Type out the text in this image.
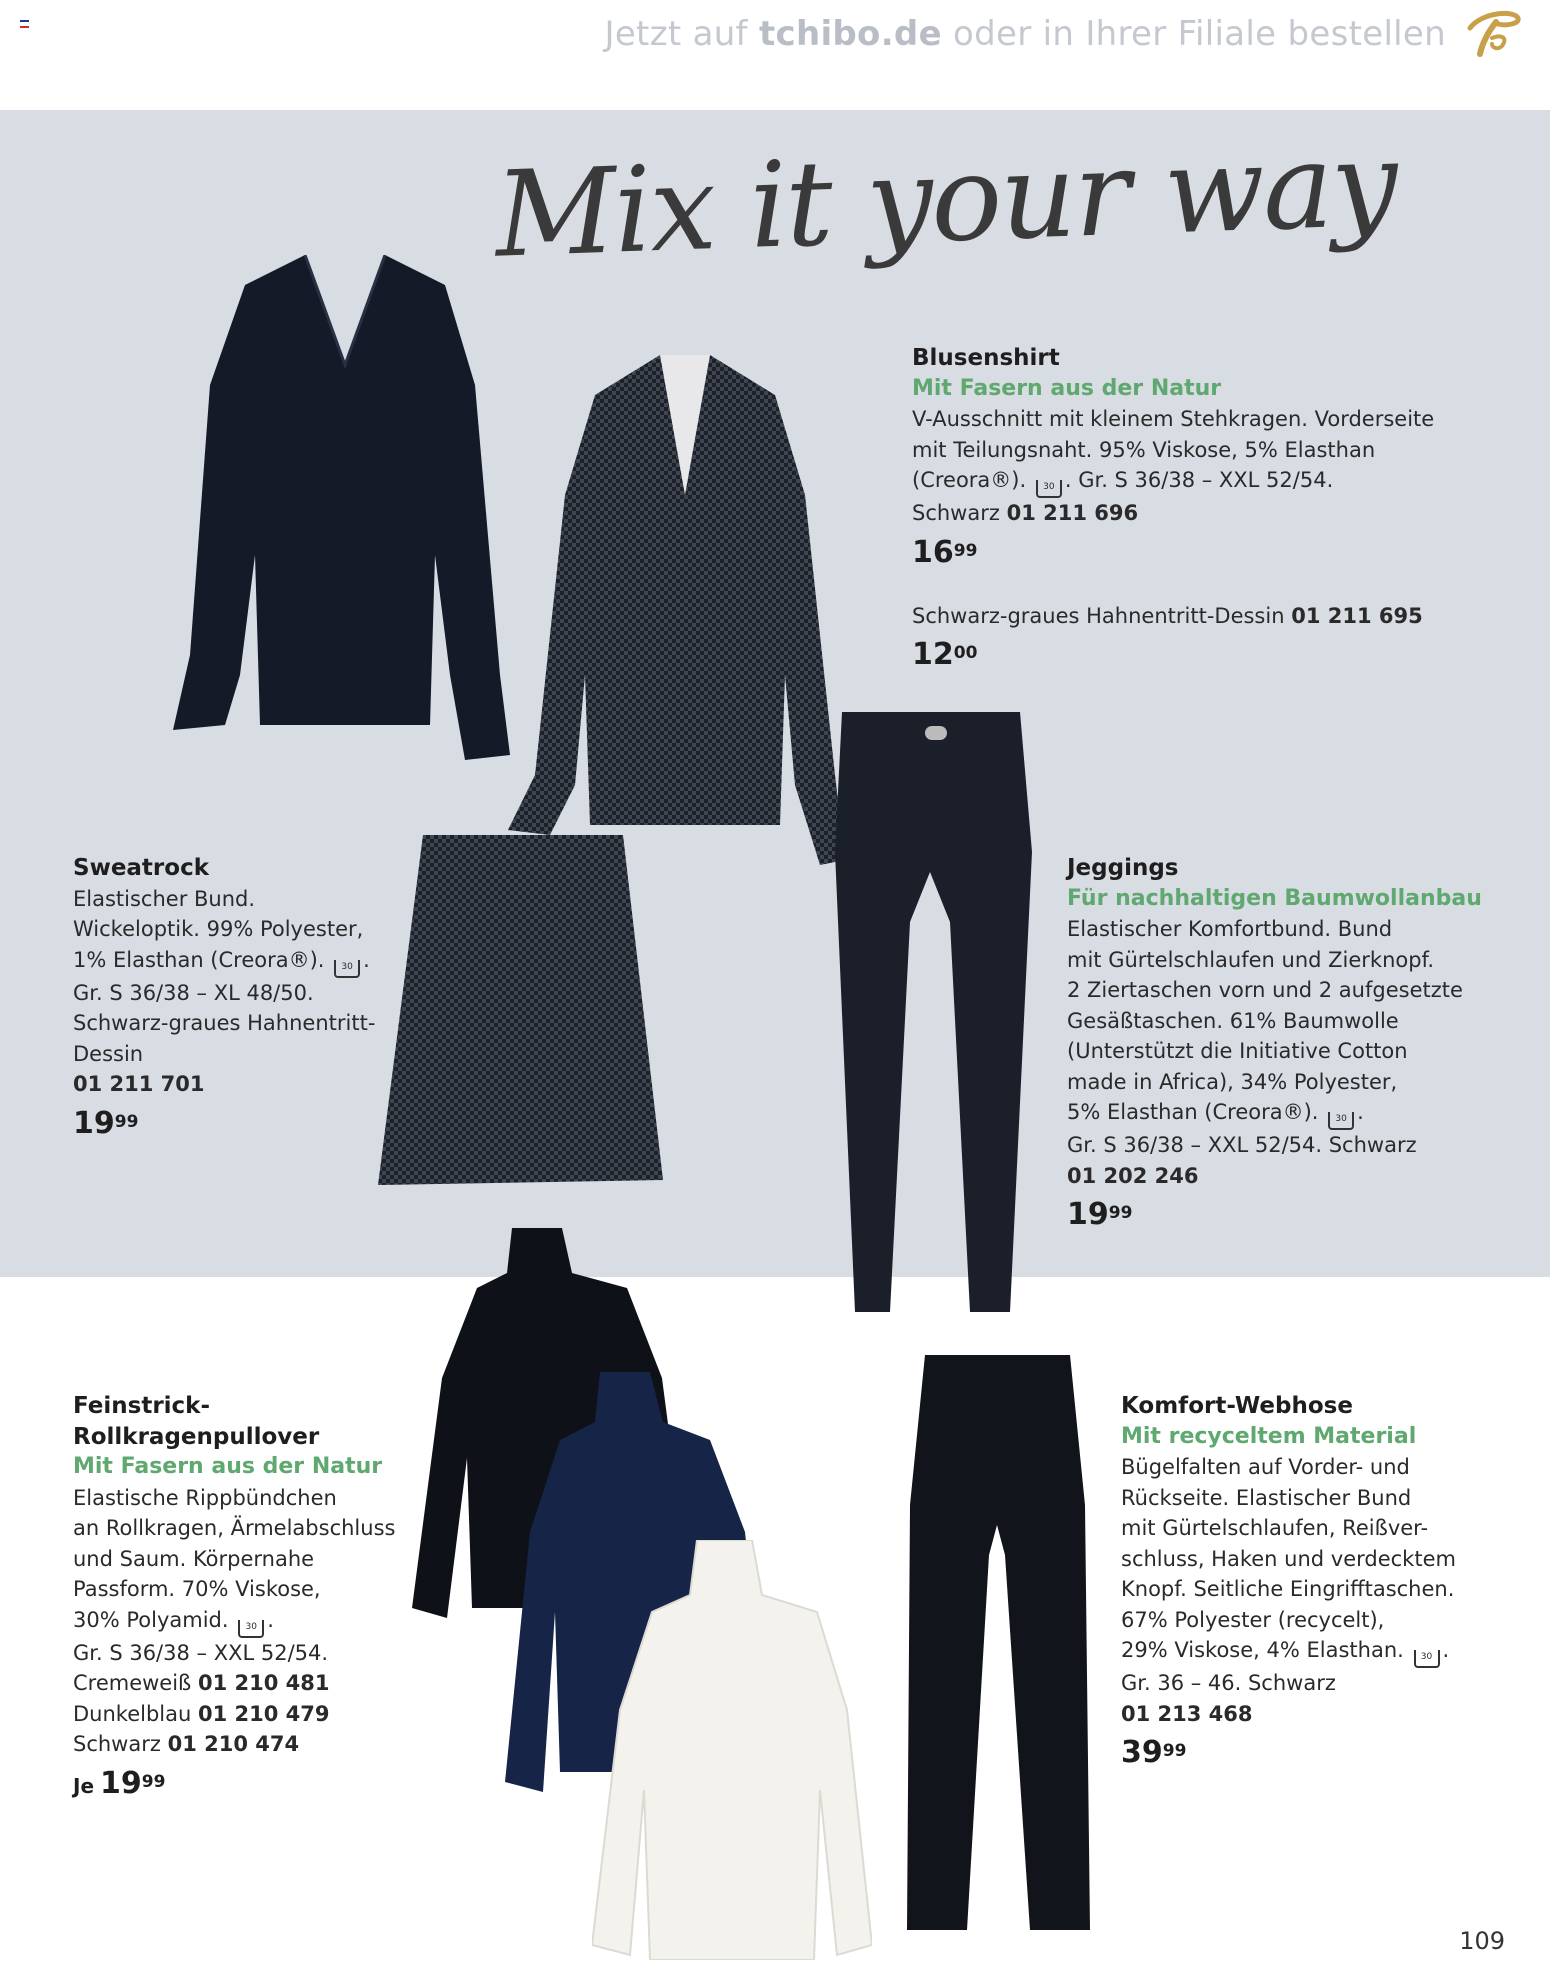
Jetzt auf tchibo.de oder in Ihrer Filiale bestellen
Mix it your way
Blusenshirt
Mit Fasern aus der Natur
V-Ausschnitt mit kleinem Stehkragen. Vorderseite
mit Teilungsnaht. 95% Viskose, 5% Elasthan
(Creora®). 30 . Gr. S 36/38 – XXL 52/54.
Schwarz 01 211 696
$16^{99}$
Schwarz-graues Hahnentritt-Dessin 01 211 695
$12^{00}$
Sweatrock
Elastischer Bund.
Wickeloptik. 99% Polyester,
1% Elasthan (Creora®). 30 .
Gr. S 36/38 – XL 48/50.
Schwarz-graues Hahnentritt-
Dessin
01 211 701
$19^{99}$
Jeggings
Für nachhaltigen Baumwollanbau
Elastischer Komfortbund. Bund
mit Gürtelschlaufen und Zierknopf.
2 Ziertaschen vorn und 2 aufgesetzte
Gesäßtaschen. 61% Baumwolle
(Unterstützt die Initiative Cotton
made in Africa), 34% Polyester,
5% Elasthan (Creora®). 30 .
Gr. S 36/38 – XXL 52/54. Schwarz
01 202 246
$19^{99}$
Feinstrick-
Rollkragenpullover
Mit Fasern aus der Natur
Elastische Rippbündchen
an Rollkragen, Ärmelabschluss
und Saum. Körpernahe
Passform. 70% Viskose,
30% Polyamid. 30 .
Gr. S 36/38 – XXL 52/54.
Cremeweiß 01 210 481
Dunkelblau 01 210 479
Schwarz 01 210 474
Je $19^{99}$
Komfort-Webhose
Mit recyceltem Material
Bügelfalten auf Vorder- und
Rückseite. Elastischer Bund
mit Gürtelschlaufen, Reißver-
schluss, Haken und verdecktem
Knopf. Seitliche Eingrifftaschen.
67% Polyester (recycelt),
29% Viskose, 4% Elasthan. 30 .
Gr. 36 – 46. Schwarz
01 213 468
$39^{99}$
109
